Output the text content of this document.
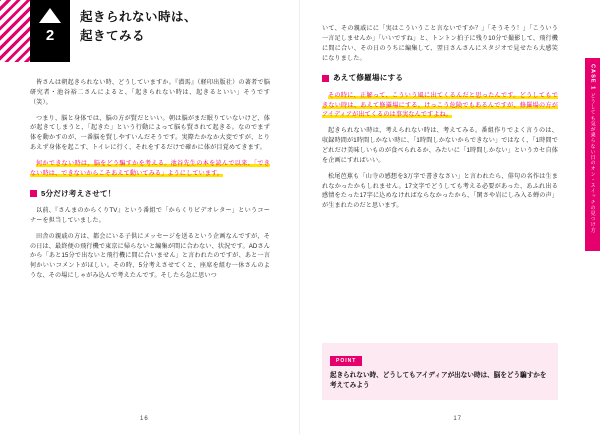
2
起きられない時は、
起きてみる

皆さんは朝起きられない時、どうしていますか。『潜馬』（軽印出版社）の著者で脳研究者・池谷裕二さんによると、「起きられない時は、起きるといい」そうです（笑）。

つまり、脳と身体では、脳の方が賢だといい。朝は脳がまだ眠りていないけど、体が起きてしまうと、「起きた」という行動によって脳も賢されて起きる。なのでまず体を動かすのが、一番脳を賢しやすいんだそうです。実際たかなか大変ですが、とりあえず身体を起こす、トイレに行く、それをするだけで確かに体が目覚めてきます。

何かできない時は、脳をどう騙すかを考える。池谷先生の本を読んで以来、「できない時は、できないからこそあえて動いてみる」ようにしています。

5分だけ考えさせて！

以前、『さんまのからくりTV』という番組で「からくりビデオレター」というコーナーを担当していました。

田舎の親戚の方は、都会にいる子供にメッセージを送るという企画なんですが、その日は、最終便の飛行機で東京に帰らないと編集が間に合わない、状況です。ADさんから「あと15分で出ないと飛行機に間に合いません」と言われたのですが、あと一言何かいいコメントがほしい。その時、5分考えさせてくと、座席を組む一休さんのような、その場にしゃがみ込んで考えたんです。そしたら急に思いつ

16
CASE 1
どうしても気が乗らない日のオン・スイッチの見つけ方

いて、その親戚にに「実はこういうこと言ないですか？」「そうそう！」「こういう一言足しませんか」「いいですね」と、トントン拍子に残り10分で撮影して、飛行機に間に合い、その日のうちに編集して、翌日さんさんにスタジオで見せたら大感笑になりました。

あえて修羅場にする

その時に、正解って、こういう風に出てくるんだと思ったんです。どうしてもできない時は、あえて修羅場にする。けっこう危険でもあるんですが、修羅場の方がアイディアが出てくるのは事実なんですよね。

起きられない時は、考えられない時は、考えてみる。番組作りでよく言うのは、収録時間が1時間しかない時に、「1時間しかないからできない」ではなく、「1時間でどれだけ美味しいものが食べられるか、みたいに「1時間しかない」というカセ自体を企画にすればいい。

松尾芭蕉も「山寺の感想を3万字で書きなさい」と言われたら、俳句の名作は生まれなかったかもしれません。17文字でどうしても考える必要があった、あふれ出る感情をたった17字に込めなければならなかったから、「閑さや岩にしみ入る蝉の声」が生まれたのだと思います。

POINT
起きられない時、どうしてもアイディアが出ない時は、脳をどう騙すかを考えてみよう
17
